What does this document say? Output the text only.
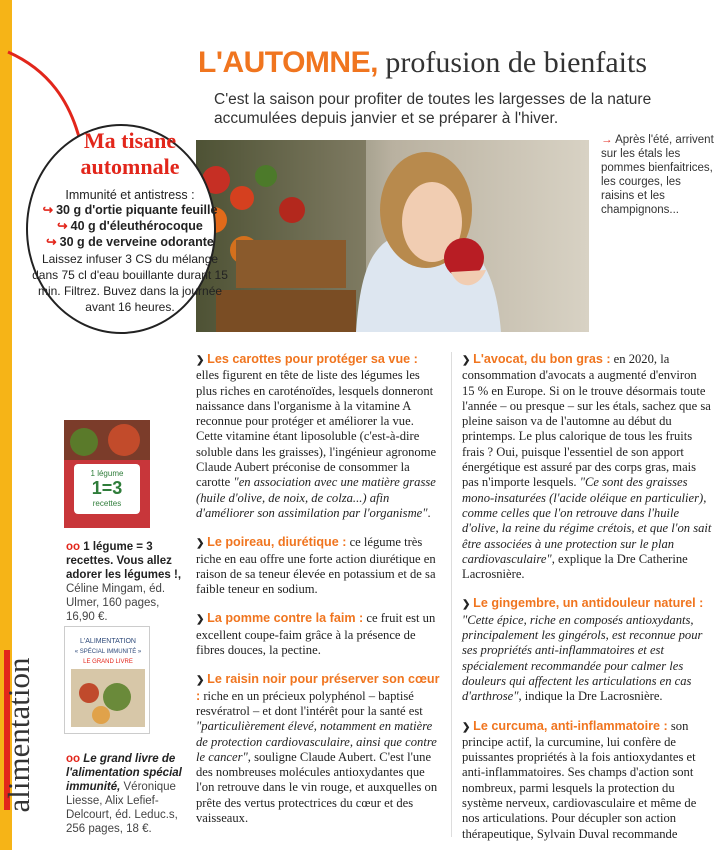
alimentation
L'AUTOMNE, profusion de bienfaits
C'est la saison pour profiter de toutes les largesses de la nature accumulées depuis janvier et se préparer à l'hiver.
Ma tisane
automnale
Immunité et antistress :
↪ 30 g d'ortie piquante feuille
↪ 40 g d'éleuthérocoque
↪ 30 g de verveine odorante
Laissez infuser 3 CS du mélange dans 75 cl d'eau bouillante durant 15 min. Filtrez. Buvez dans la journée avant 16 heures.
→ Après l'été, arrivent sur les étals les pommes bienfaitrices, les courges, les raisins et les champignons...
1 légume
1=3
recettes
oo 1 légume = 3 recettes. Vous allez adorer les légumes !, Céline Mingam, éd. Ulmer, 160 pages, 16,90 €.
L'ALIMENTATION
« SPÉCIAL IMMUNITÉ »
LE GRAND LIVRE
oo Le grand livre de l'alimentation spécial immunité, Véronique Liesse, Alix Lefief-Delcourt, éd. Leduc.s, 256 pages, 18 €.

❯ Les carottes pour protéger sa vue : elles figurent en tête de liste des légumes les plus riches en caroténoïdes, lesquels donneront naissance dans l'organisme à la vitamine A reconnue pour protéger et améliorer la vue. Cette vitamine étant liposoluble (c'est-à-dire soluble dans les graisses), l'ingénieur agronome Claude Aubert préconise de consommer la carotte "en association avec une matière grasse (huile d'olive, de noix, de colza...) afin d'améliorer son assimilation par l'organisme".

❯ Le poireau, diurétique : ce légume très riche en eau offre une forte action diurétique en raison de sa teneur élevée en potassium et de sa faible teneur en sodium.

❯ La pomme contre la faim : ce fruit est un excellent coupe-faim grâce à la présence de fibres douces, la pectine.

❯ Le raisin noir pour préserver son cœur : riche en un précieux polyphénol – baptisé resvératrol – et dont l'intérêt pour la santé est "particulièrement élevé, notamment en matière de protection cardiovasculaire, ainsi que contre le cancer", souligne Claude Aubert. C'est l'une des nombreuses molécules antioxydantes que l'on retrouve dans le vin rouge, et auxquelles on prête des vertus protectrices du cœur et des vaisseaux.

❯ L'avocat, du bon gras : en 2020, la consommation d'avocats a augmenté d'environ 15 % en Europe. Si on le trouve désormais toute l'année – ou presque – sur les étals, sachez que sa pleine saison va de l'automne au début du printemps. Le plus calorique de tous les fruits frais ? Oui, puisque l'essentiel de son apport énergétique est assuré par des corps gras, mais pas n'importe lesquels. "Ce sont des graisses mono-insaturées (l'acide oléique en particulier), comme celles que l'on retrouve dans l'huile d'olive, la reine du régime crétois, et que l'on sait être associées à une protection sur le plan cardiovasculaire", explique la Dre Catherine Lacrosnière.

❯ Le gingembre, un antidouleur naturel : "Cette épice, riche en composés antioxydants, principalement les gingérols, est reconnue pour ses propriétés anti-inflammatoires et est spécialement recommandée pour calmer les douleurs qui affectent les articulations en cas d'arthrose", indique la Dre Lacrosnière.

❯ Le curcuma, anti-inflammatoire : son principe actif, la curcumine, lui confère de puissantes propriétés à la fois antioxydantes et anti-inflammatoires. Ses champs d'action sont nombreux, parmi lesquels la protection du système nerveux, cardiovasculaire et même de nos articulations. Pour décupler son action thérapeutique, Sylvain Duval recommande
